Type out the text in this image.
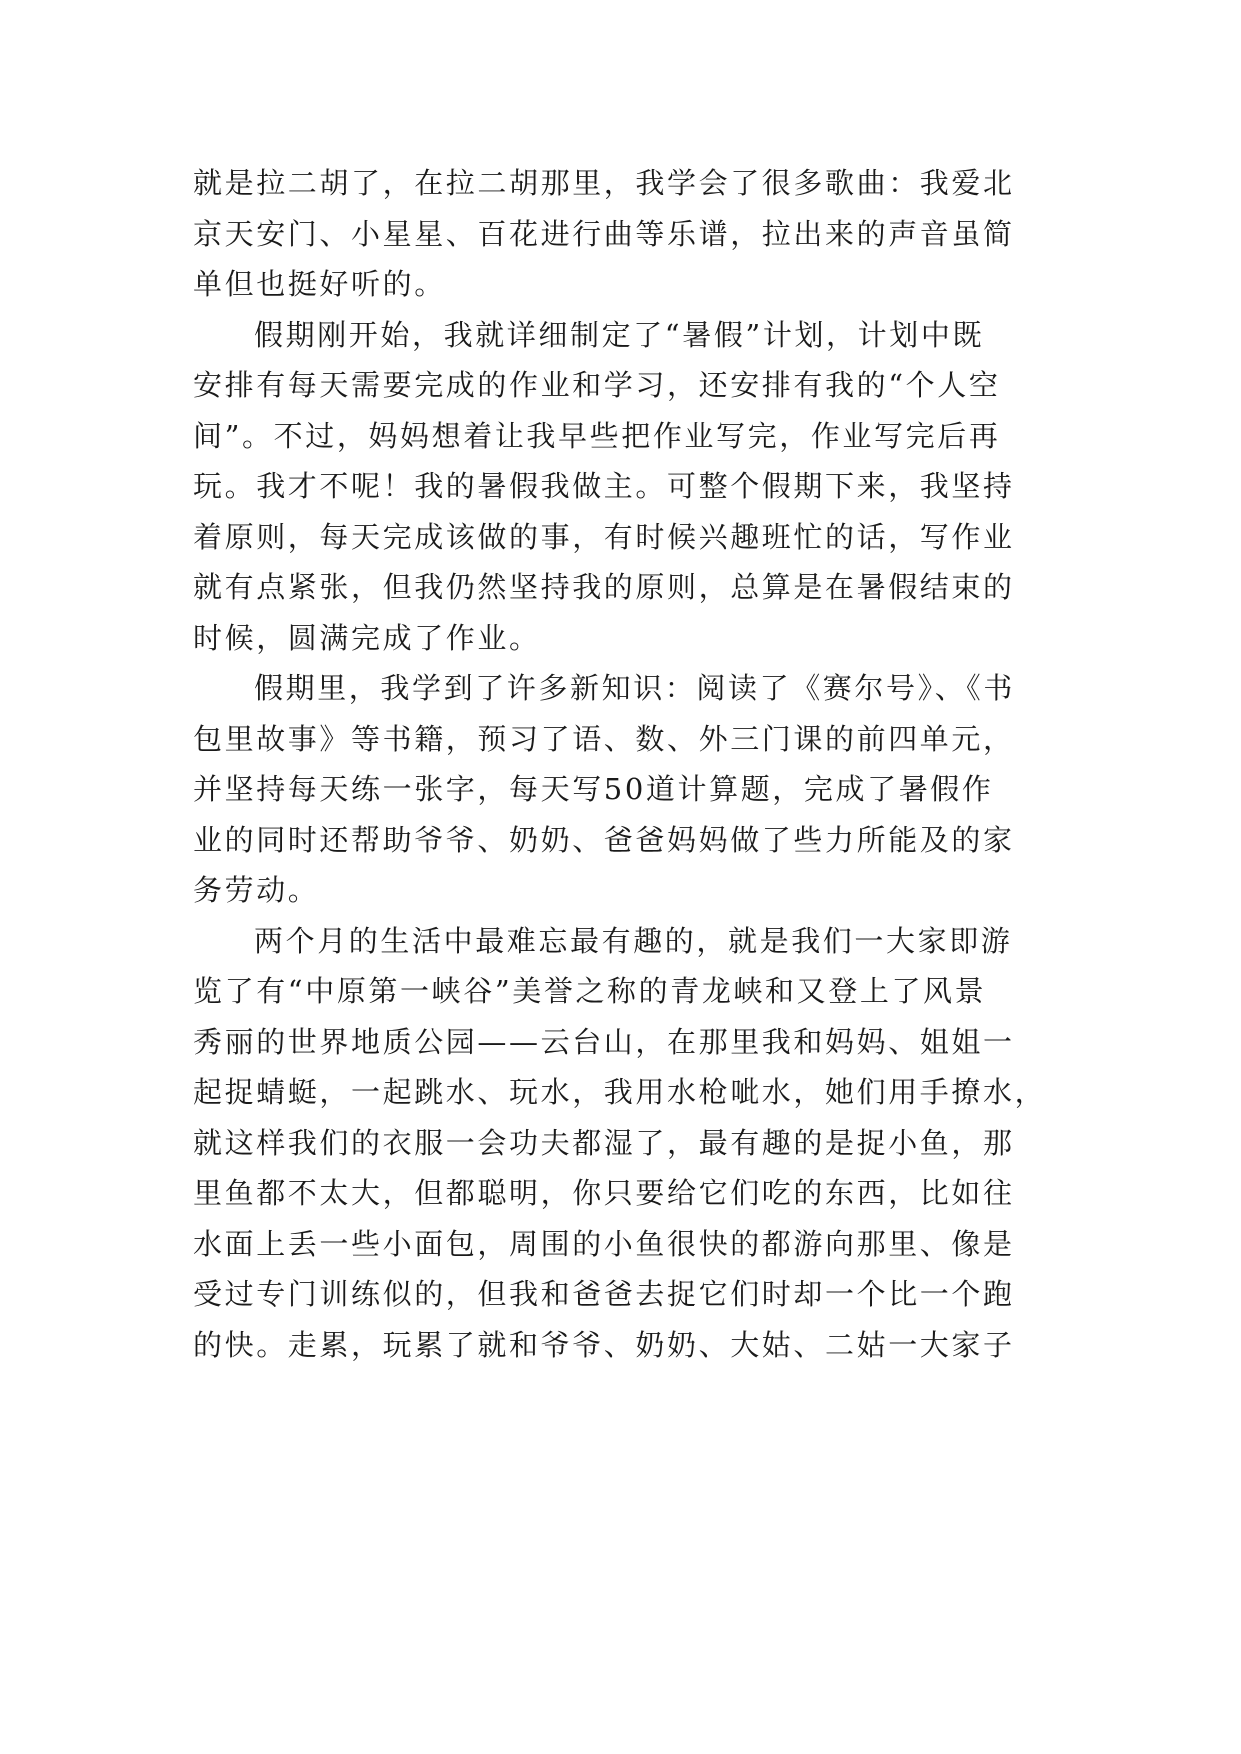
就是拉二胡了，在拉二胡那里，我学会了很多歌曲：我爱北
京天安门、小星星、百花进行曲等乐谱，拉出来的声音虽简
单但也挺好听的。
假期刚开始，我就详细制定了“暑假”计划，计划中既
安排有每天需要完成的作业和学习，还安排有我的“个人空
间”。不过，妈妈想着让我早些把作业写完，作业写完后再
玩。我才不呢！我的暑假我做主。可整个假期下来，我坚持
着原则，每天完成该做的事，有时候兴趣班忙的话，写作业
就有点紧张，但我仍然坚持我的原则，总算是在暑假结束的
时候，圆满完成了作业。
假期里，我学到了许多新知识：阅读了《赛尔号》、《书
包里故事》等书籍，预习了语、数、外三门课的前四单元，
并坚持每天练一张字，每天写50道计算题，完成了暑假作
业的同时还帮助爷爷、奶奶、爸爸妈妈做了些力所能及的家
务劳动。
两个月的生活中最难忘最有趣的，就是我们一大家即游
览了有“中原第一峡谷”美誉之称的青龙峡和又登上了风景
秀丽的世界地质公园——云台山，在那里我和妈妈、姐姐一
起捉蜻蜓，一起跳水、玩水，我用水枪呲水，她们用手撩水，
就这样我们的衣服一会功夫都湿了，最有趣的是捉小鱼，那
里鱼都不太大，但都聪明，你只要给它们吃的东西，比如往
水面上丢一些小面包，周围的小鱼很快的都游向那里、像是
受过专门训练似的，但我和爸爸去捉它们时却一个比一个跑
的快。走累，玩累了就和爷爷、奶奶、大姑、二姑一大家子
